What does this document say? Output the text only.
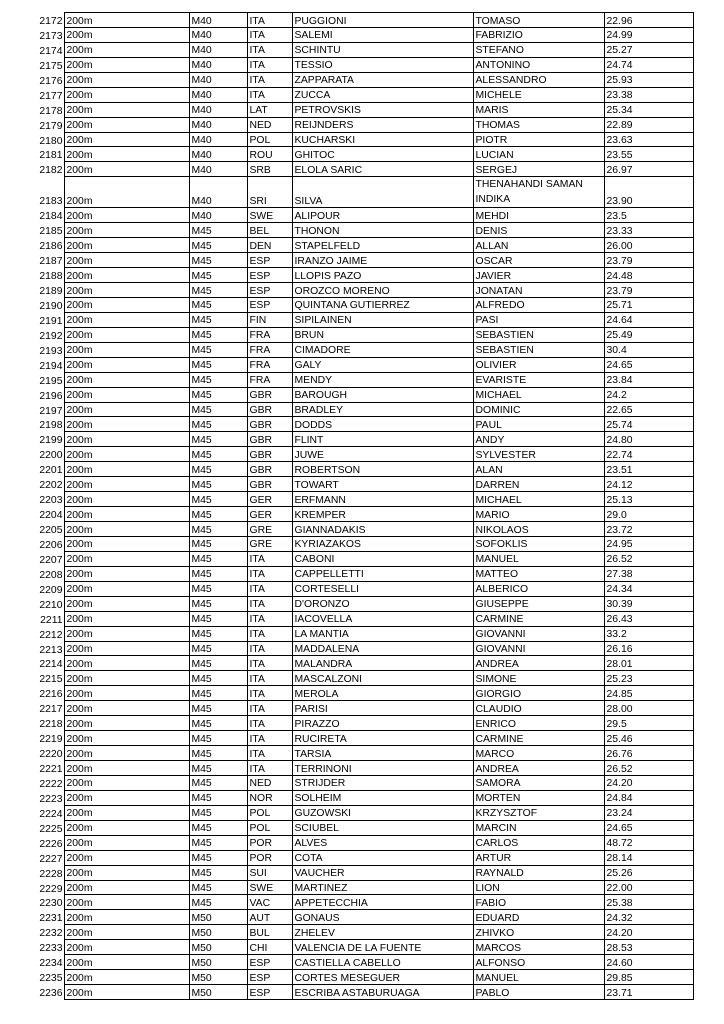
2172	200m	M40	ITA	PUGGIONI	TOMASO	22.96
2173	200m	M40	ITA	SALEMI	FABRIZIO	24.99
2174	200m	M40	ITA	SCHINTU	STEFANO	25.27
2175	200m	M40	ITA	TESSIO	ANTONINO	24.74
2176	200m	M40	ITA	ZAPPARATA	ALESSANDRO	25.93
2177	200m	M40	ITA	ZUCCA	MICHELE	23.38
2178	200m	M40	LAT	PETROVSKIS	MARIS	25.34
2179	200m	M40	NED	REIJNDERS	THOMAS	22.89
2180	200m	M40	POL	KUCHARSKI	PIOTR	23.63
2181	200m	M40	ROU	GHITOC	LUCIAN	23.55
2182	200m	M40	SRB	ELOLA SARIC	SERGEJ	26.97
2183	200m	M40	SRI	SILVA	THENAHANDI SAMAN INDIKA	23.90
2184	200m	M40	SWE	ALIPOUR	MEHDI	23.5
2185	200m	M45	BEL	THONON	DENIS	23.33
2186	200m	M45	DEN	STAPELFELD	ALLAN	26.00
2187	200m	M45	ESP	IRANZO JAIME	OSCAR	23.79
2188	200m	M45	ESP	LLOPIS PAZO	JAVIER	24.48
2189	200m	M45	ESP	OROZCO MORENO	JONATAN	23.79
2190	200m	M45	ESP	QUINTANA GUTIERREZ	ALFREDO	25.71
2191	200m	M45	FIN	SIPILAINEN	PASI	24.64
2192	200m	M45	FRA	BRUN	SEBASTIEN	25.49
2193	200m	M45	FRA	CIMADORE	SEBASTIEN	30.4
2194	200m	M45	FRA	GALY	OLIVIER	24.65
2195	200m	M45	FRA	MENDY	EVARISTE	23.84
2196	200m	M45	GBR	BAROUGH	MICHAEL	24.2
2197	200m	M45	GBR	BRADLEY	DOMINIC	22.65
2198	200m	M45	GBR	DODDS	PAUL	25.74
2199	200m	M45	GBR	FLINT	ANDY	24.80
2200	200m	M45	GBR	JUWE	SYLVESTER	22.74
2201	200m	M45	GBR	ROBERTSON	ALAN	23.51
2202	200m	M45	GBR	TOWART	DARREN	24.12
2203	200m	M45	GER	ERFMANN	MICHAEL	25.13
2204	200m	M45	GER	KREMPER	MARIO	29.0
2205	200m	M45	GRE	GIANNADAKIS	NIKOLAOS	23.72
2206	200m	M45	GRE	KYRIAZAKOS	SOFOKLIS	24.95
2207	200m	M45	ITA	CABONI	MANUEL	26.52
2208	200m	M45	ITA	CAPPELLETTI	MATTEO	27.38
2209	200m	M45	ITA	CORTESELLI	ALBERICO	24.34
2210	200m	M45	ITA	D'ORONZO	GIUSEPPE	30.39
2211	200m	M45	ITA	IACOVELLA	CARMINE	26.43
2212	200m	M45	ITA	LA MANTIA	GIOVANNI	33.2
2213	200m	M45	ITA	MADDALENA	GIOVANNI	26.16
2214	200m	M45	ITA	MALANDRA	ANDREA	28.01
2215	200m	M45	ITA	MASCALZONI	SIMONE	25.23
2216	200m	M45	ITA	MEROLA	GIORGIO	24.85
2217	200m	M45	ITA	PARISI	CLAUDIO	28.00
2218	200m	M45	ITA	PIRAZZO	ENRICO	29.5
2219	200m	M45	ITA	RUCIRETA	CARMINE	25.46
2220	200m	M45	ITA	TARSIA	MARCO	26.76
2221	200m	M45	ITA	TERRINONI	ANDREA	26.52
2222	200m	M45	NED	STRIJDER	SAMORA	24.20
2223	200m	M45	NOR	SOLHEIM	MORTEN	24.84
2224	200m	M45	POL	GUZOWSKI	KRZYSZTOF	23.24
2225	200m	M45	POL	SCIUBEL	MARCIN	24.65
2226	200m	M45	POR	ALVES	CARLOS	48.72
2227	200m	M45	POR	COTA	ARTUR	28.14
2228	200m	M45	SUI	VAUCHER	RAYNALD	25.26
2229	200m	M45	SWE	MARTINEZ	LION	22.00
2230	200m	M45	VAC	APPETECCHIA	FABIO	25.38
2231	200m	M50	AUT	GONAUS	EDUARD	24.32
2232	200m	M50	BUL	ZHELEV	ZHIVKO	24.20
2233	200m	M50	CHI	VALENCIA DE LA FUENTE	MARCOS	28.53
2234	200m	M50	ESP	CASTIELLA CABELLO	ALFONSO	24.60
2235	200m	M50	ESP	CORTES MESEGUER	MANUEL	29.85
2236	200m	M50	ESP	ESCRIBA ASTABURUAGA	PABLO	23.71
